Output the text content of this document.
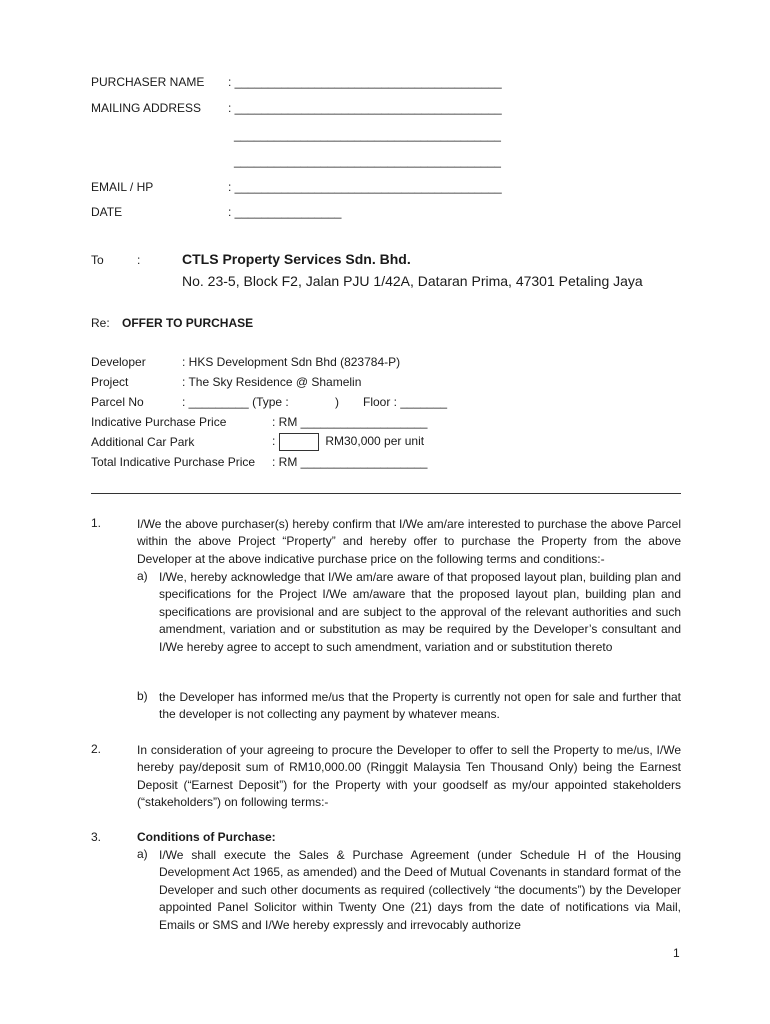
PURCHASER NAME : ________________________________________
MAILING ADDRESS : ________________________________________
________________________________________
________________________________________
EMAIL / HP	: ________________________________________
DATE	: ________________
To	:	CTLS Property Services Sdn. Bhd.
No. 23-5, Block F2, Jalan PJU 1/42A, Dataran Prima, 47301 Petaling Jaya
Re: OFFER TO PURCHASE
Developer	: HKS Development Sdn Bhd (823784-P)
Project	: The Sky Residence @ Shamelin
Parcel No	: _________ (Type :	) Floor : _______
Indicative Purchase Price	: RM ___________________
Additional Car Park	:	RM30,000 per unit
Total Indicative Purchase Price : RM ___________________
1.	I/We the above purchaser(s) hereby confirm that I/We am/are interested to purchase the above Parcel within the above Project “Property” and hereby offer to purchase the Property from the above Developer at the above indicative purchase price on the following terms and conditions:-
a) I/We, hereby acknowledge that I/We am/are aware of that proposed layout plan, building plan and specifications for the Project I/We am/aware that the proposed layout plan, building plan and specifications are provisional and are subject to the approval of the relevant authorities and such amendment, variation and or substitution as may be required by the Developer’s consultant and I/We hereby agree to accept to such amendment, variation and or substitution thereto
b) the Developer has informed me/us that the Property is currently not open for sale and further that the developer is not collecting any payment by whatever means.
2.	In consideration of your agreeing to procure the Developer to offer to sell the Property to me/us, I/We hereby pay/deposit sum of RM10,000.00 (Ringgit Malaysia Ten Thousand Only) being the Earnest Deposit (“Earnest Deposit”) for the Property with your goodself as my/our appointed stakeholders (“stakeholders”) on following terms:-
3.	Conditions of Purchase:
a) I/We shall execute the Sales & Purchase Agreement (under Schedule H of the Housing Development Act 1965, as amended) and the Deed of Mutual Covenants in standard format of the Developer and such other documents as required (collectively “the documents”) by the Developer appointed Panel Solicitor within Twenty One (21) days from the date of notifications via Mail, Emails or SMS and I/We hereby expressly and irrevocably authorize
1
